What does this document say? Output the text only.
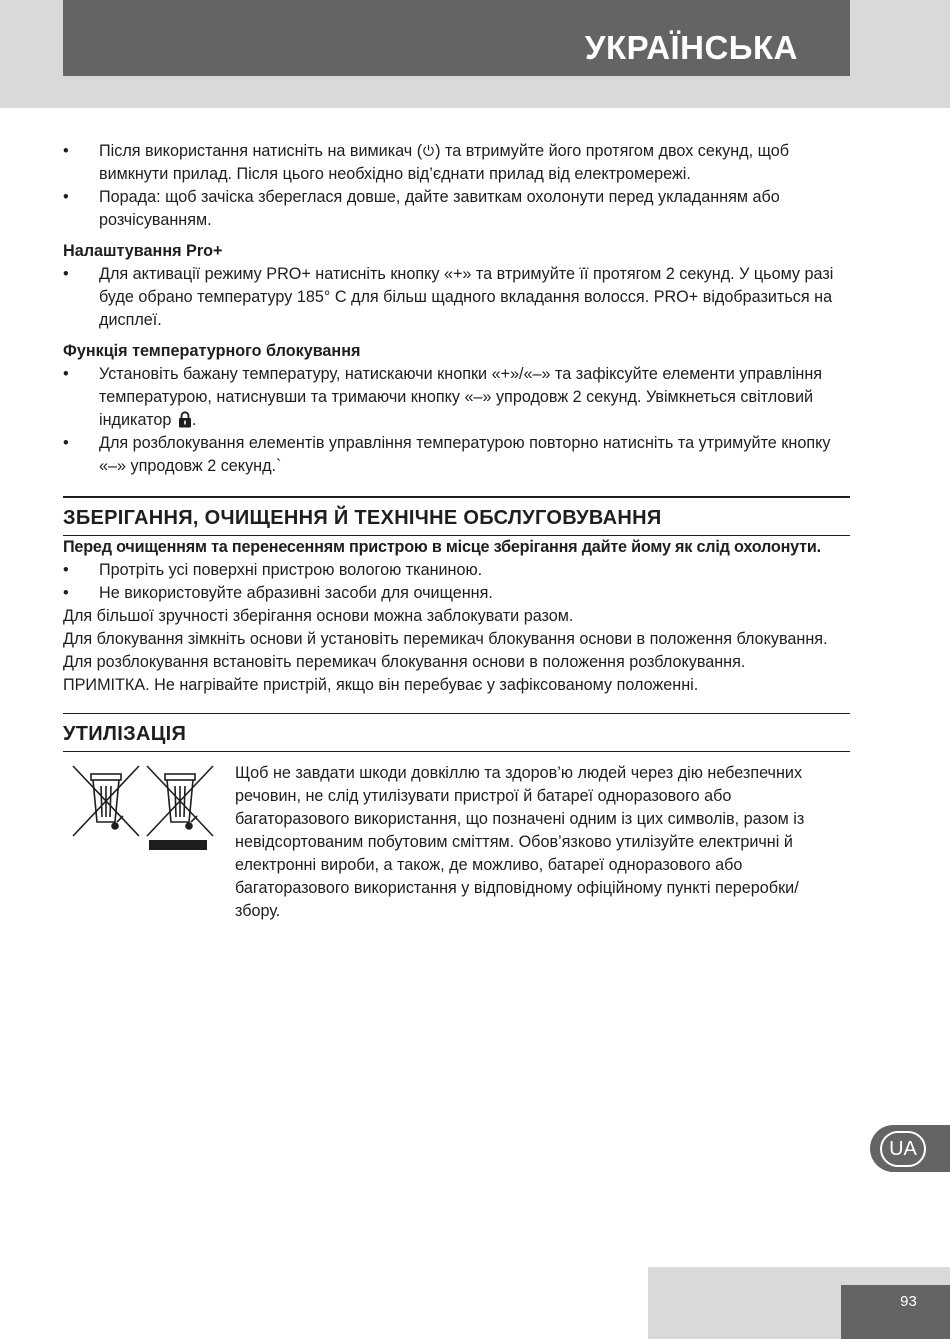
УКРАЇНСЬКА
• Після використання натисніть на вимикач ( ) та втримуйте його протягом двох секунд, щоб вимкнути прилад. Після цього необхідно від’єднати прилад від електромережі.
• Порада: щоб зачіска збереглася довше, дайте завиткам охолонути перед укладанням або розчісуванням.
Налаштування Pro+
• Для активації режиму PRO+ натисніть кнопку «+» та втримуйте її протягом 2 секунд. У цьому разі буде обрано температуру 185° C для більш щадного вкладання волосся. PRO+ відобразиться на дисплеї.
Функція температурного блокування
• Установіть бажану температуру, натискаючи кнопки «+»/«–» та зафіксуйте елементи управління температурою, натиснувши та тримаючи кнопку «–» упродовж 2 секунд. Увімкнеться світловий індикатор .
• Для розблокування елементів управління температурою повторно натисніть та утримуйте кнопку «–» упродовж 2 секунд.`
ЗБЕРІГАННЯ, ОЧИЩЕННЯ Й ТЕХНІЧНЕ ОБСЛУГОВУВАННЯ
Перед очищенням та перенесенням пристрою в місце зберігання дайте йому як слід охолонути.
• Протріть усі поверхні пристрою вологою тканиною.
• Не використовуйте абразивні засоби для очищення.

Для більшої зручності зберігання основи можна заблокувати разом.

Для блокування зімкніть основи й установіть перемикач блокування основи в положення блокування.

Для розблокування встановіть перемикач блокування основи в положення розблокування.

ПРИМІТКА. Не нагрівайте пристрій, якщо він перебуває у зафіксованому положенні.

УТИЛІЗАЦІЯ
Щоб не завдати шкоди довкіллю та здоров’ю людей через дію небезпечних речовин, не слід утилізувати пристрої й батареї одноразового або багаторазового використання, що позначені одним із цих символів, разом із невідсортованим побутовим сміттям. Обов’язково утилізуйте електричні й електронні вироби, а також, де можливо, батареї одноразового або багаторазового використання у відповідному офіційному пункті переробки/збору.
UA
93
